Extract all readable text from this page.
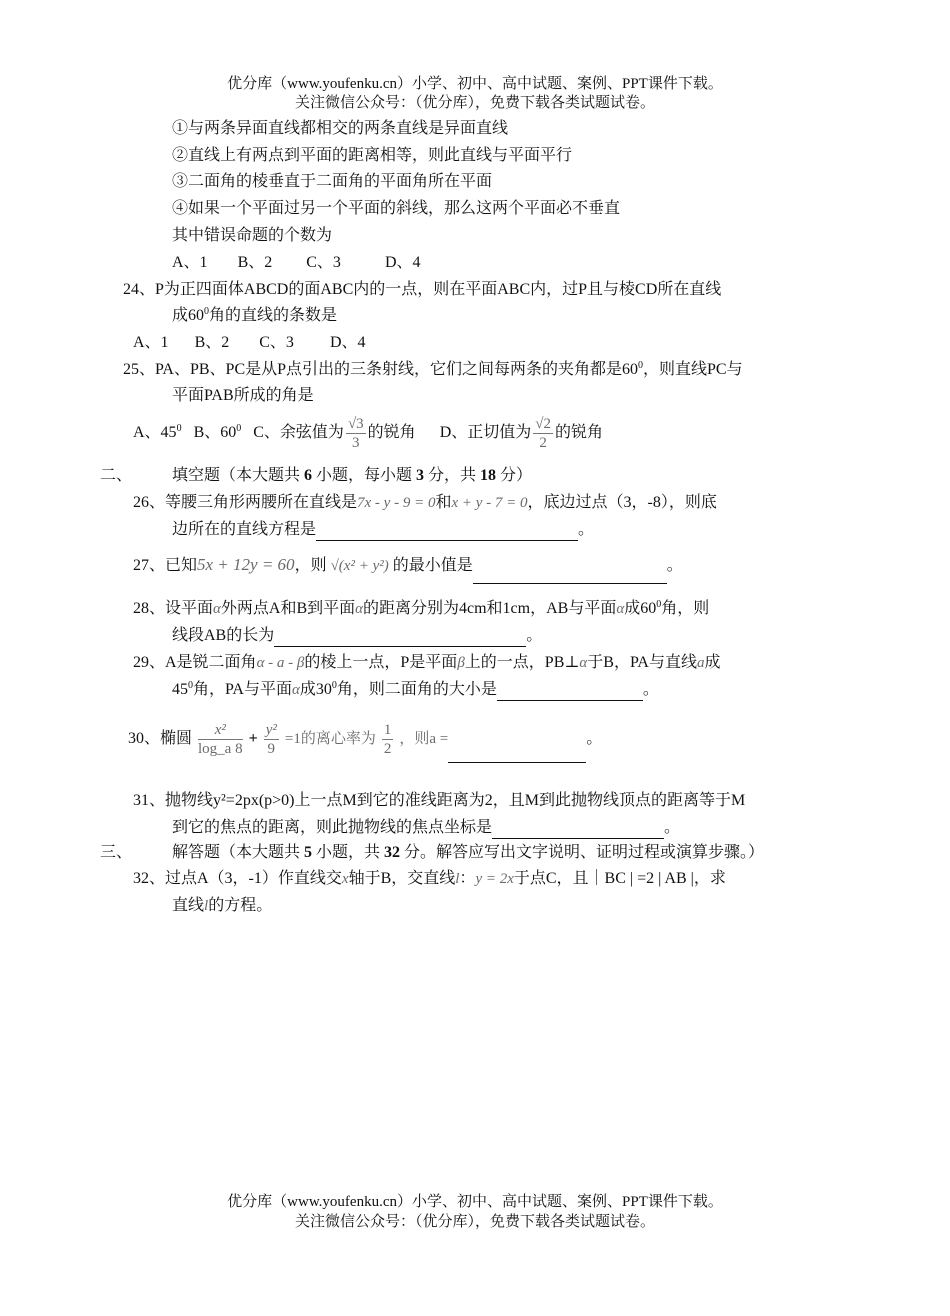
优分库（www.youfenku.cn）小学、初中、高中试题、案例、PPT课件下载。
关注微信公众号：（优分库），免费下载各类试题试卷。
①与两条异面直线都相交的两条直线是异面直线
②直线上有两点到平面的距离相等，则此直线与平面平行
③二面角的棱垂直于二面角的平面角所在平面
④如果一个平面过另一个平面的斜线，那么这两个平面必不垂直
其中错误命题的个数为
A、1 B、2 C、3	D、4
24、P为正四面体ABCD的面ABC内的一点，则在平面ABC内，过P且与棱CD所在直线
成$60^0$角的直线的条数是
A、1 B、2 C、3 D、4
25、PA、PB、PC是从P点引出的三条射线，它们之间每两条的夹角都是$60^0$，则直线PC与
平面PAB所成的角是
A、$45^0$ B、$60^0$ C、余弦值为 $\frac{√3}{3}$ 的锐角 D、正切值为 $\frac{√2}{2}$ 的锐角
二、 填空题（本大题共 6 小题，每小题 3 分，共 18 分）
26、等腰三角形两腰所在直线是7x - y - 9 = 0和x + y - 7 = 0，底边过点（3，-8），则底
边所在的直线方程是	。
27、已知5x + 12y = 60，则 √(x² + y²) 的最小值是	。
28、设平面α外两点A和B到平面α的距离分别为4cm和1cm，AB与平面α成$60^0$角，则
线段AB的长为	。
29、A是锐二面角α - a - β的棱上一点，P是平面β上的一点，PB⊥α于B，PA与直线a成
$45^0$角，PA与平面α成$30^0$角，则二面角的大小是	。
30、椭圆 $\frac{\text{x²}}{\log\_a 8} + \frac{\text{y²}}{9} =1$的离心率为 $\frac{1}{2}$ ，则a =	。
31、抛物线y²=2px(p>0)上一点M到它的准线距离为2，且M到此抛物线顶点的距离等于M
到它的焦点的距离，则此抛物线的焦点坐标是	。
三、 解答题（本大题共 5 小题，共 32 分。解答应写出文字说明、证明过程或演算步骤。）
32、过点A（3，-1）作直线交x轴于B，交直线l：y = 2x于点C，且｜BC | =2 | AB |，求
直线l的方程。
优分库（www.youfenku.cn）小学、初中、高中试题、案例、PPT课件下载。
关注微信公众号：（优分库），免费下载各类试题试卷。
